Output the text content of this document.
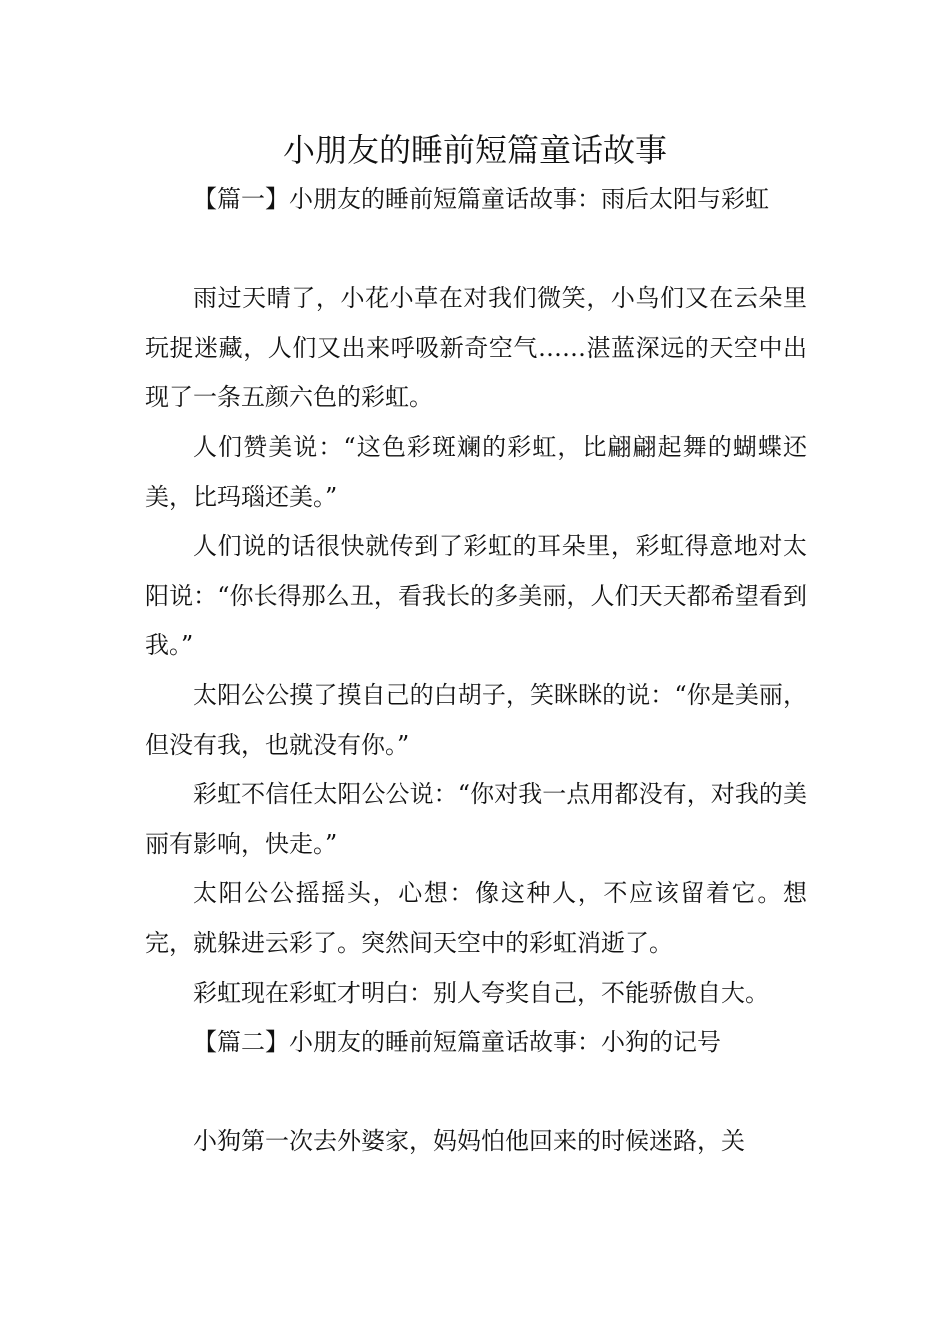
小朋友的睡前短篇童话故事

【篇一】小朋友的睡前短篇童话故事：雨后太阳与彩虹

雨过天晴了，小花小草在对我们微笑，小鸟们又在云朵里玩捉迷藏，人们又出来呼吸新奇空气……湛蓝深远的天空中出现了一条五颜六色的彩虹。

人们赞美说：“这色彩斑斓的彩虹，比翩翩起舞的蝴蝶还美，比玛瑙还美。”

人们说的话很快就传到了彩虹的耳朵里，彩虹得意地对太阳说：“你长得那么丑，看我长的多美丽，人们天天都希望看到我。”

太阳公公摸了摸自己的白胡子，笑眯眯的说：“你是美丽，但没有我，也就没有你。”

彩虹不信任太阳公公说：“你对我一点用都没有，对我的美丽有影响，快走。”

太阳公公摇摇头，心想：像这种人，不应该留着它。想完，就躲进云彩了。突然间天空中的彩虹消逝了。

彩虹现在彩虹才明白：别人夸奖自己，不能骄傲自大。

【篇二】小朋友的睡前短篇童话故事：小狗的记号

小狗第一次去外婆家，妈妈怕他回来的时候迷路，关
